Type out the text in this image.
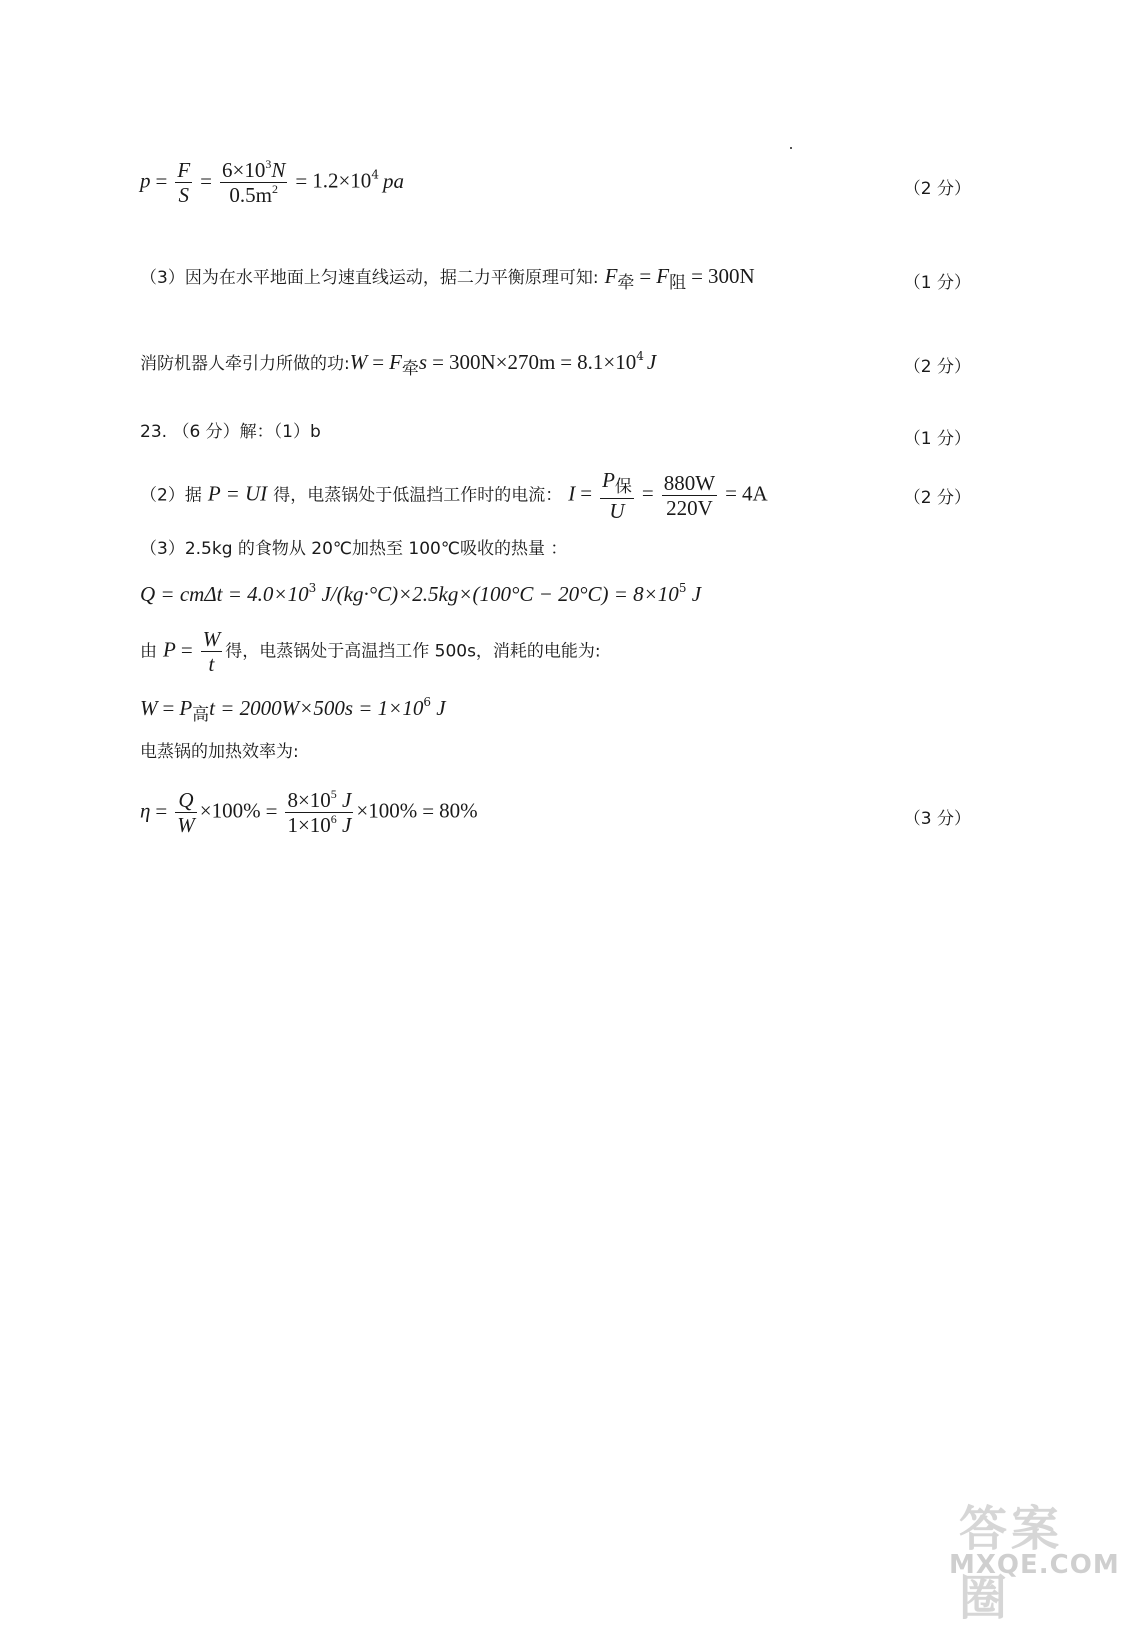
$p = \frac{F}{S} = \frac{6\times 10^3N}{0.5m^2} = 1.2\times 10^4$ pa	（2 分）
（3）因为在水平地面上匀速直线运动，据二力平衡原理可知: $F_牵 = F_阻 = 300N$	（1 分）
消防机器人牵引力所做的功:W = $F_牵s = 300N\times 270m = 8.1\times 10^4$ J	（2 分）
23. （6 分）解：（1）b	（1 分）
（2）据 P = UI 得，电蒸锅处于低温挡工作时的电流： $I = \frac{P_保}{U} = \frac{880W}{220V} = 4A$	（2 分）
（3）2.5kg 的食物从 20℃加热至 100℃吸收的热量 ：
$Q = cm\Delta t = 4.0\times 10^3$ $J/(kg\cdot^\circ C)\times 2.5kg\times(100^\circ C - 20^\circ C) = 8\times 10^5$ J
由 $P = \frac{W}{t}$ 得，电蒸锅处于高温挡工作 500s，消耗的电能为:
$W = P_高t = 2000W\times 500s = 1\times 10^6$ J
电蒸锅的加热效率为:
$\eta = \frac{Q}{W} \times 100\% = \frac{8\times 10^5 J}{1\times 10^6 J} \times 100\% = 80\%$	（3 分）
答案圈
MXQE.COM
